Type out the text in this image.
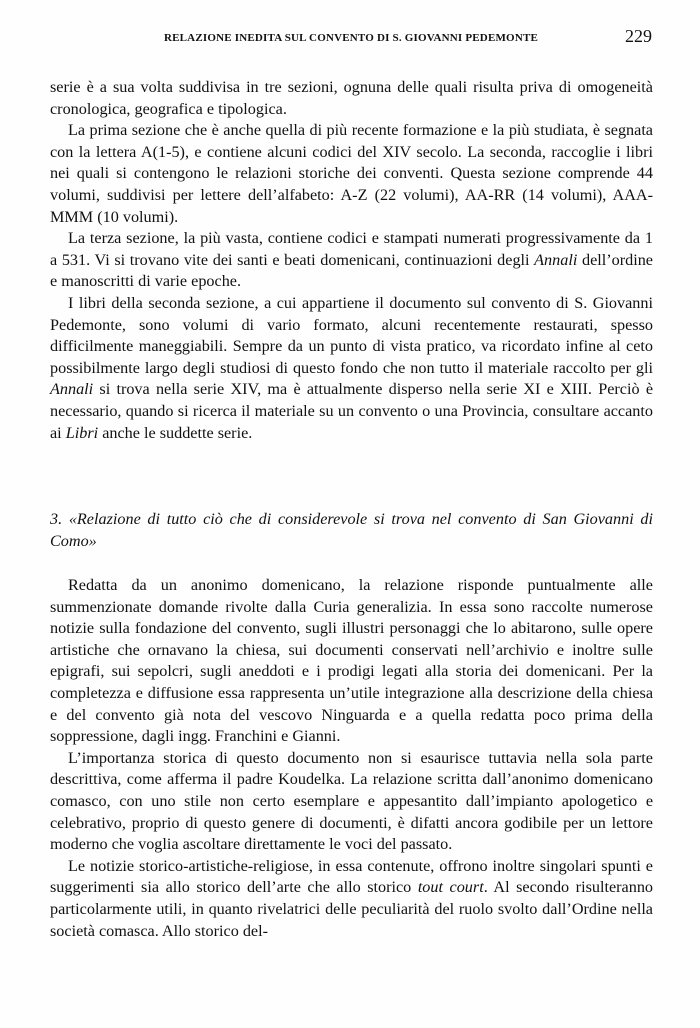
RELAZIONE INEDITA SUL CONVENTO DI S. GIOVANNI PEDEMONTE	229

serie è a sua volta suddivisa in tre sezioni, ognuna delle quali risulta priva di omogeneità cronologica, geografica e tipologica.

La prima sezione che è anche quella di più recente formazione e la più studiata, è segnata con la lettera A(1-5), e contiene alcuni codici del XIV secolo. La seconda, raccoglie i libri nei quali si contengono le relazioni storiche dei conventi. Questa sezione comprende 44 volumi, suddivisi per lettere dell’alfabeto: A-Z (22 volumi), AA-RR (14 volumi), AAA-MMM (10 volumi).

La terza sezione, la più vasta, contiene codici e stampati numerati progressivamente da 1 a 531. Vi si trovano vite dei santi e beati domenicani, continuazioni degli Annali dell’ordine e manoscritti di varie epoche.

I libri della seconda sezione, a cui appartiene il documento sul convento di S. Giovanni Pedemonte, sono volumi di vario formato, alcuni recentemente restaurati, spesso difficilmente maneggiabili. Sempre da un punto di vista pratico, va ricordato infine al ceto possibilmente largo degli studiosi di questo fondo che non tutto il materiale raccolto per gli Annali si trova nella serie XIV, ma è attualmente disperso nella serie XI e XIII. Perciò è necessario, quando si ricerca il materiale su un convento o una Provincia, consultare accanto ai Libri anche le suddette serie.

3. «Relazione di tutto ciò che di considerevole si trova nel convento di San Giovanni di Como»

Redatta da un anonimo domenicano, la relazione risponde puntualmente alle summenzionate domande rivolte dalla Curia generalizia. In essa sono raccolte numerose notizie sulla fondazione del convento, sugli illustri personaggi che lo abitarono, sulle opere artistiche che ornavano la chiesa, sui documenti conservati nell’archivio e inoltre sulle epigrafi, sui sepolcri, sugli aneddoti e i prodigi legati alla storia dei domenicani. Per la completezza e diffusione essa rappresenta un’utile integrazione alla descrizione della chiesa e del convento già nota del vescovo Ninguarda e a quella redatta poco prima della soppressione, dagli ingg. Franchini e Gianni.

L’importanza storica di questo documento non si esaurisce tuttavia nella sola parte descrittiva, come afferma il padre Koudelka. La relazione scritta dall’anonimo domenicano comasco, con uno stile non certo esemplare e appesantito dall’impianto apologetico e celebrativo, proprio di questo genere di documenti, è difatti ancora godibile per un lettore moderno che voglia ascoltare direttamente le voci del passato.

Le notizie storico-artistiche-religiose, in essa contenute, offrono inoltre singolari spunti e suggerimenti sia allo storico dell’arte che allo storico tout court. Al secondo risulteranno particolarmente utili, in quanto rivelatrici delle peculiarità del ruolo svolto dall’Ordine nella società comasca. Allo storico del-
